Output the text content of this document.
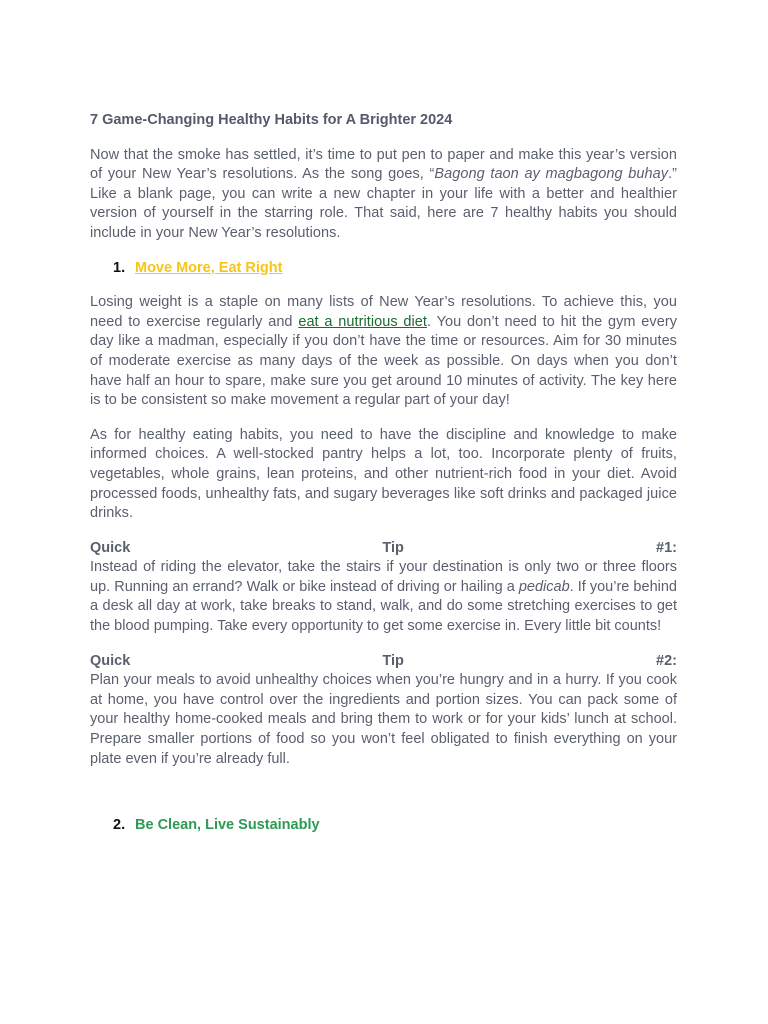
7 Game-Changing Healthy Habits for A Brighter 2024

Now that the smoke has settled, it’s time to put pen to paper and make this year’s version of your New Year’s resolutions. As the song goes, “Bagong taon ay magbagong buhay.” Like a blank page, you can write a new chapter in your life with a better and healthier version of yourself in the starring role. That said, here are 7 healthy habits you should include in your New Year’s resolutions.

1. Move More, Eat Right

Losing weight is a staple on many lists of New Year’s resolutions. To achieve this, you need to exercise regularly and eat a nutritious diet. You don’t need to hit the gym every day like a madman, especially if you don’t have the time or resources. Aim for 30 minutes of moderate exercise as many days of the week as possible. On days when you don’t have half an hour to spare, make sure you get around 10 minutes of activity. The key here is to be consistent so make movement a regular part of your day!

As for healthy eating habits, you need to have the discipline and knowledge to make informed choices. A well-stocked pantry helps a lot, too. Incorporate plenty of fruits, vegetables, whole grains, lean proteins, and other nutrient-rich food in your diet. Avoid processed foods, unhealthy fats, and sugary beverages like soft drinks and packaged juice drinks.

Quick	Tip	#1:
Instead of riding the elevator, take the stairs if your destination is only two or three floors up. Running an errand? Walk or bike instead of driving or hailing a pedicab. If you’re behind a desk all day at work, take breaks to stand, walk, and do some stretching exercises to get the blood pumping. Take every opportunity to get some exercise in. Every little bit counts!
Quick	Tip	#2:
Plan your meals to avoid unhealthy choices when you’re hungry and in a hurry. If you cook at home, you have control over the ingredients and portion sizes. You can pack some of your healthy home-cooked meals and bring them to work or for your kids’ lunch at school. Prepare smaller portions of food so you won’t feel obligated to finish everything on your plate even if you’re already full.
2. Be Clean, Live Sustainably
